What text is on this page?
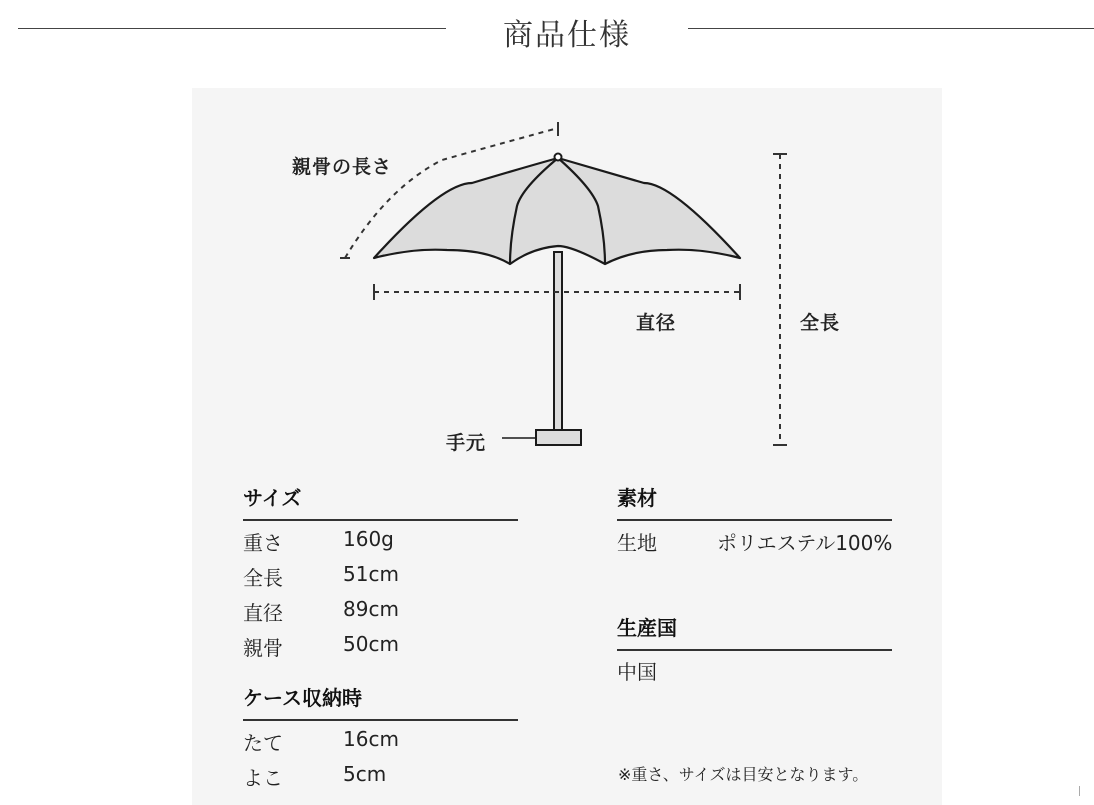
商品仕様
親骨の長さ
直径	全長
手元
サイズ
重さ	160g
全長	51cm
直径	89cm
親骨	50cm
ケース収納時
たて	16cm
よこ	5cm
素材
生地	ポリエステル100%
生産国
中国
※重さ、サイズは目安となります。
